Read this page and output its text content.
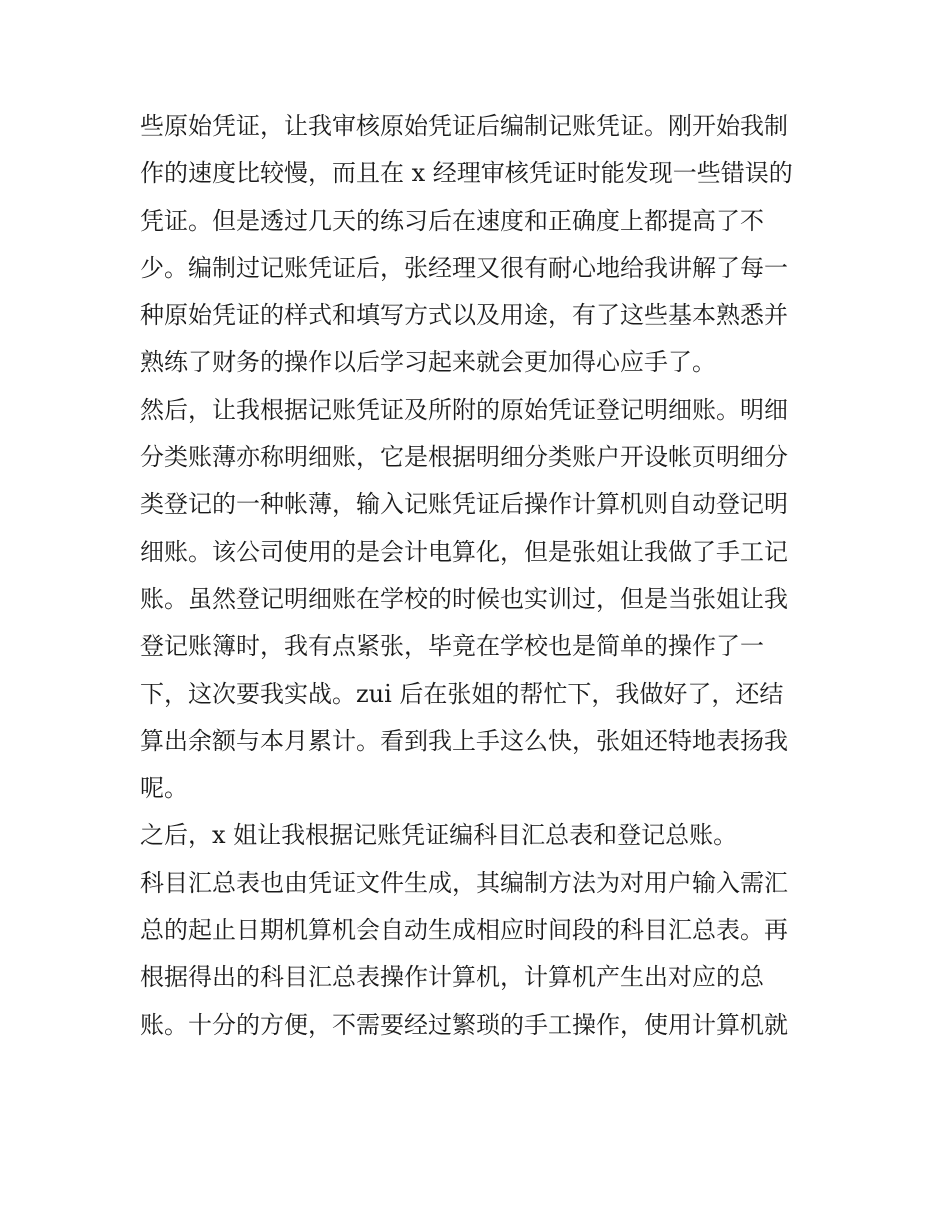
些原始凭证，让我审核原始凭证后编制记账凭证。刚开始我制
作的速度比较慢，而且在 x 经理审核凭证时能发现一些错误的
凭证。但是透过几天的练习后在速度和正确度上都提高了不
少。编制过记账凭证后，张经理又很有耐心地给我讲解了每一
种原始凭证的样式和填写方式以及用途，有了这些基本熟悉并
熟练了财务的操作以后学习起来就会更加得心应手了。
然后，让我根据记账凭证及所附的原始凭证登记明细账。明细
分类账薄亦称明细账，它是根据明细分类账户开设帐页明细分
类登记的一种帐薄，输入记账凭证后操作计算机则自动登记明
细账。该公司使用的是会计电算化，但是张姐让我做了手工记
账。虽然登记明细账在学校的时候也实训过，但是当张姐让我
登记账簿时，我有点紧张，毕竟在学校也是简单的操作了一
下，这次要我实战。zui 后在张姐的帮忙下，我做好了，还结
算出余额与本月累计。看到我上手这么快，张姐还特地表扬我
呢。
之后，x 姐让我根据记账凭证编科目汇总表和登记总账。
科目汇总表也由凭证文件生成，其编制方法为对用户输入需汇
总的起止日期机算机会自动生成相应时间段的科目汇总表。再
根据得出的科目汇总表操作计算机，计算机产生出对应的总
账。十分的方便，不需要经过繁琐的手工操作，使用计算机就
